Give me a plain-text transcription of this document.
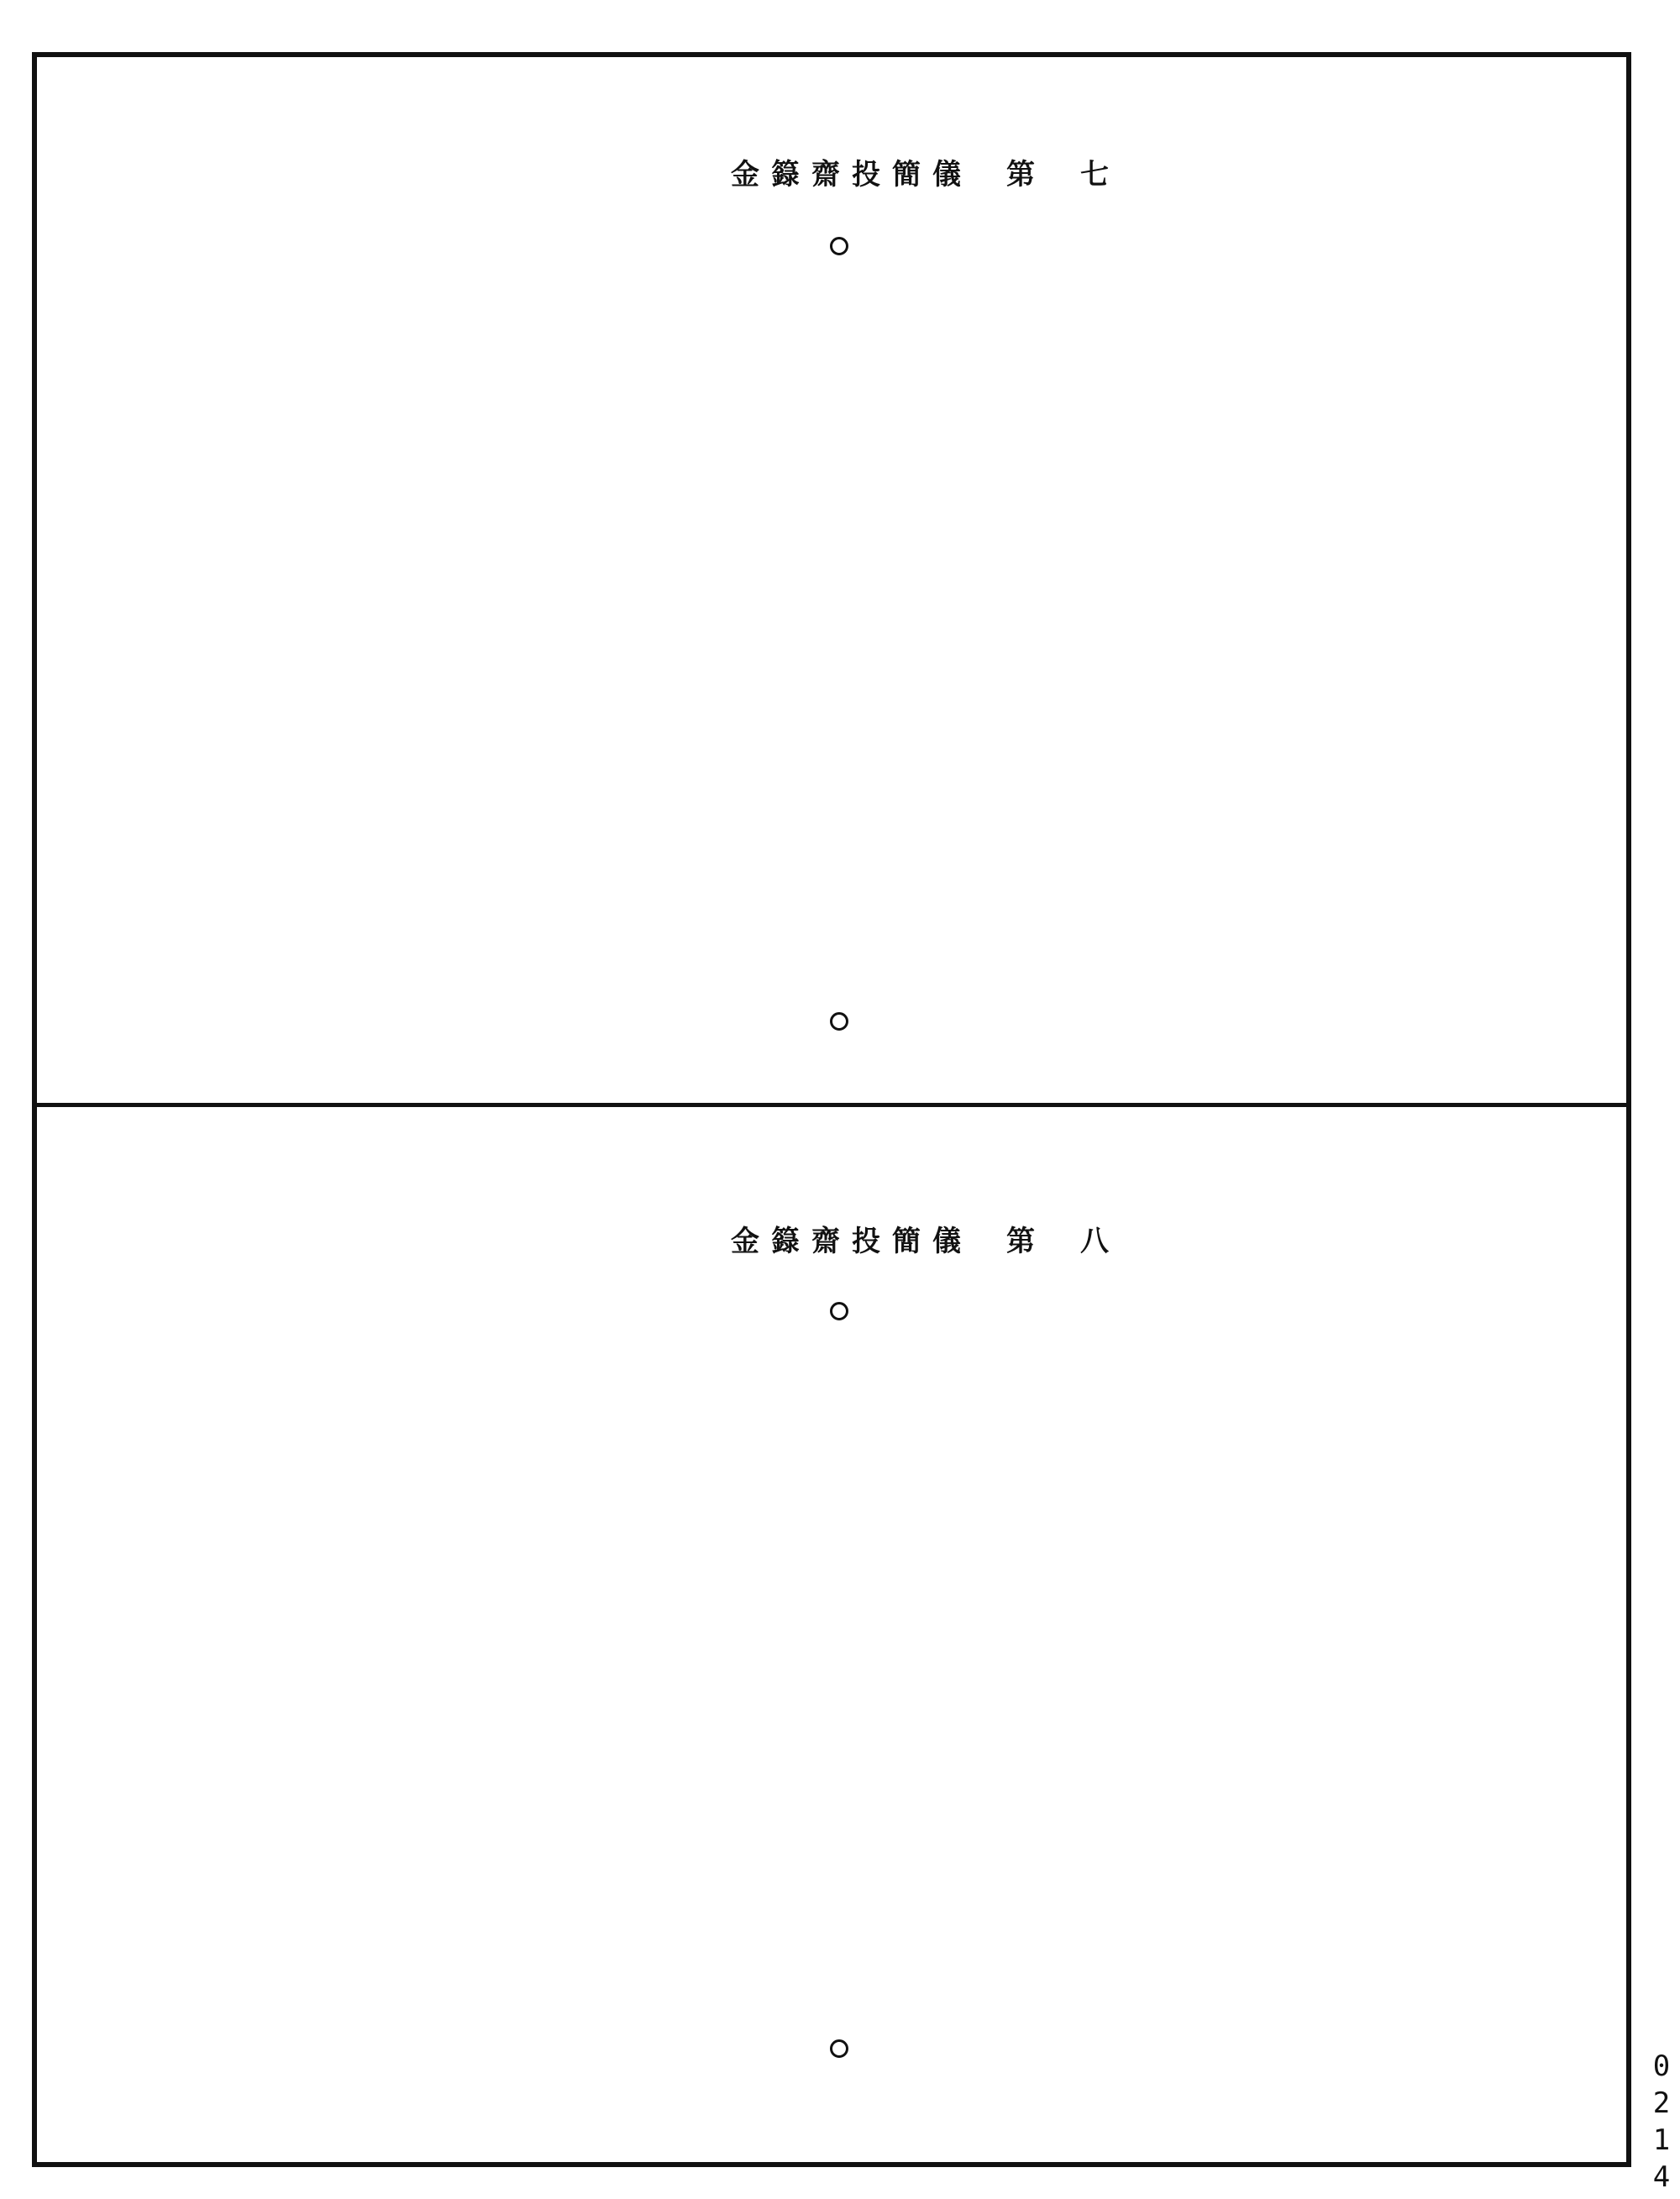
金籙齋投簡儀 第 七
金籙齋投簡儀 第 八
0214
